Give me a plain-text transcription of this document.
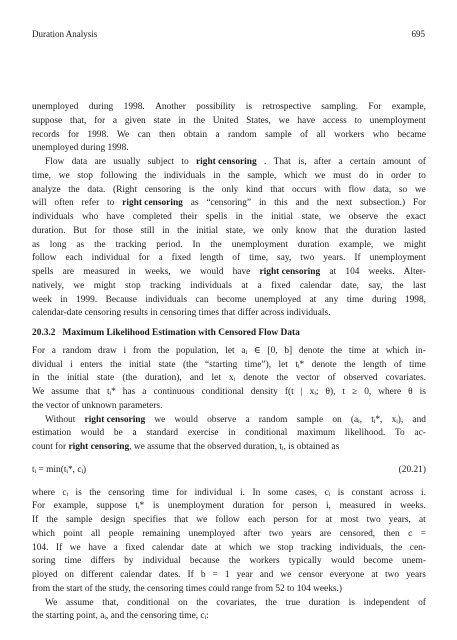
Duration Analysis	695
unemployed during 1998. Another possibility is retrospective sampling. For example,
suppose that, for a given state in the United States, we have access to unemployment
records for 1998. We can then obtain a random sample of all workers who became
unemployed during 1998.
Flow data are usually subject to right censoring . That is, after a certain amount of
time, we stop following the individuals in the sample, which we must do in order to
analyze the data. (Right censoring is the only kind that occurs with flow data, so we
will often refer to right censoring as “censoring” in this and the next subsection.) For
individuals who have completed their spells in the initial state, we observe the exact
duration. But for those still in the initial state, we only know that the duration lasted
as long as the tracking period. In the unemployment duration example, we might
follow each individual for a fixed length of time, say, two years. If unemployment
spells are measured in weeks, we would have right censoring at 104 weeks. Alter-
natively, we might stop tracking individuals at a fixed calendar date, say, the last
week in 1999. Because individuals can become unemployed at any time during 1998,
calendar-date censoring results in censoring times that differ across individuals.
20.3.2 Maximum Likelihood Estimation with Censored Flow Data
For a random draw i from the population, let aᵢ ∈ [0, b] denote the time at which in-
dividual i enters the initial state (the “starting time”), let tᵢ* denote the length of time
in the initial state (the duration), and let xᵢ denote the vector of observed covariates.
We assume that tᵢ* has a continuous conditional density f(t | xᵢ; θ), t ≥ 0, where θ is
the vector of unknown parameters.
Without right censoring we would observe a random sample on (aᵢ, tᵢ*, xᵢ), and
estimation would be a standard exercise in conditional maximum likelihood. To ac-
count for right censoring, we assume that the observed duration, tᵢ, is obtained as
tᵢ = min(tᵢ*, cᵢ)	(20.21)
where cᵢ is the censoring time for individual i. In some cases, cᵢ is constant across i.
For example, suppose tᵢ* is unemployment duration for person i, measured in weeks.
If the sample design specifies that we follow each person for at most two years, at
which point all people remaining unemployed after two years are censored, then c =
104. If we have a fixed calendar date at which we stop tracking individuals, the cen-
soring time differs by individual because the workers typically would become unem-
ployed on different calendar dates. If b = 1 year and we censor everyone at two years
from the start of the study, the censoring times could range from 52 to 104 weeks.)
We assume that, conditional on the covariates, the true duration is independent of
the starting point, aᵢ, and the censoring time, cᵢ:
